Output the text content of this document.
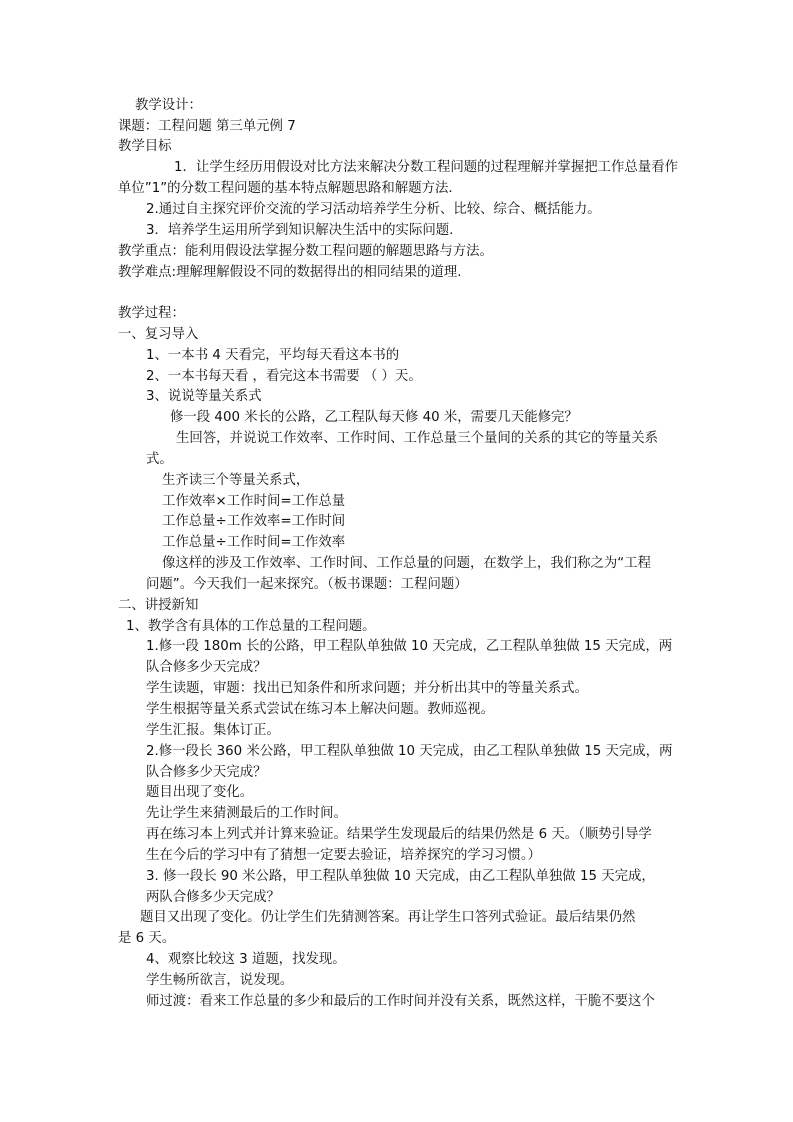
教学设计：
课题：工程问题 第三单元例 7
教学目标
1．让学生经历用假设对比方法来解决分数工程问题的过程理解并掌握把工作总量看作
单位”1”的分数工程问题的基本特点解题思路和解题方法.
2.通过自主探究评价交流的学习活动培养学生分析、比较、综合、概括能力。
3．培养学生运用所学到知识解决生活中的实际问题.
教学重点：能利用假设法掌握分数工程问题的解题思路与方法。
教学难点:理解理解假设不同的数据得出的相同结果的道理.
教学过程：
一、复习导入
1、一本书 4 天看完，平均每天看这本书的
2、一本书每天看 ，看完这本书需要 （ ）天。
3、说说等量关系式
修一段 400 米长的公路，乙工程队每天修 40 米，需要几天能修完？
生回答，并说说工作效率、工作时间、工作总量三个量间的关系的其它的等量关系
式。
生齐读三个等量关系式，
工作效率×工作时间=工作总量
工作总量÷工作效率=工作时间
工作总量÷工作时间=工作效率
像这样的涉及工作效率、工作时间、工作总量的问题，在数学上，我们称之为“工程
问题”。今天我们一起来探究。（板书课题：工程问题）
二、讲授新知
1、教学含有具体的工作总量的工程问题。
1.修一段 180m 长的公路，甲工程队单独做 10 天完成，乙工程队单独做 15 天完成，两
队合修多少天完成？
学生读题，审题：找出已知条件和所求问题；并分析出其中的等量关系式。
学生根据等量关系式尝试在练习本上解决问题。教师巡视。
学生汇报。集体订正。
2.修一段长 360 米公路，甲工程队单独做 10 天完成，由乙工程队单独做 15 天完成，两
队合修多少天完成？
题目出现了变化。
先让学生来猜测最后的工作时间。
再在练习本上列式并计算来验证。结果学生发现最后的结果仍然是 6 天。（顺势引导学
生在今后的学习中有了猜想一定要去验证，培养探究的学习习惯。）
3. 修一段长 90 米公路，甲工程队单独做 10 天完成，由乙工程队单独做 15 天完成，
两队合修多少天完成？
题目又出现了变化。仍让学生们先猜测答案。再让学生口答列式验证。最后结果仍然
是 6 天。
4、观察比较这 3 道题，找发现。
学生畅所欲言，说发现。
师过渡：看来工作总量的多少和最后的工作时间并没有关系，既然这样，干脆不要这个
